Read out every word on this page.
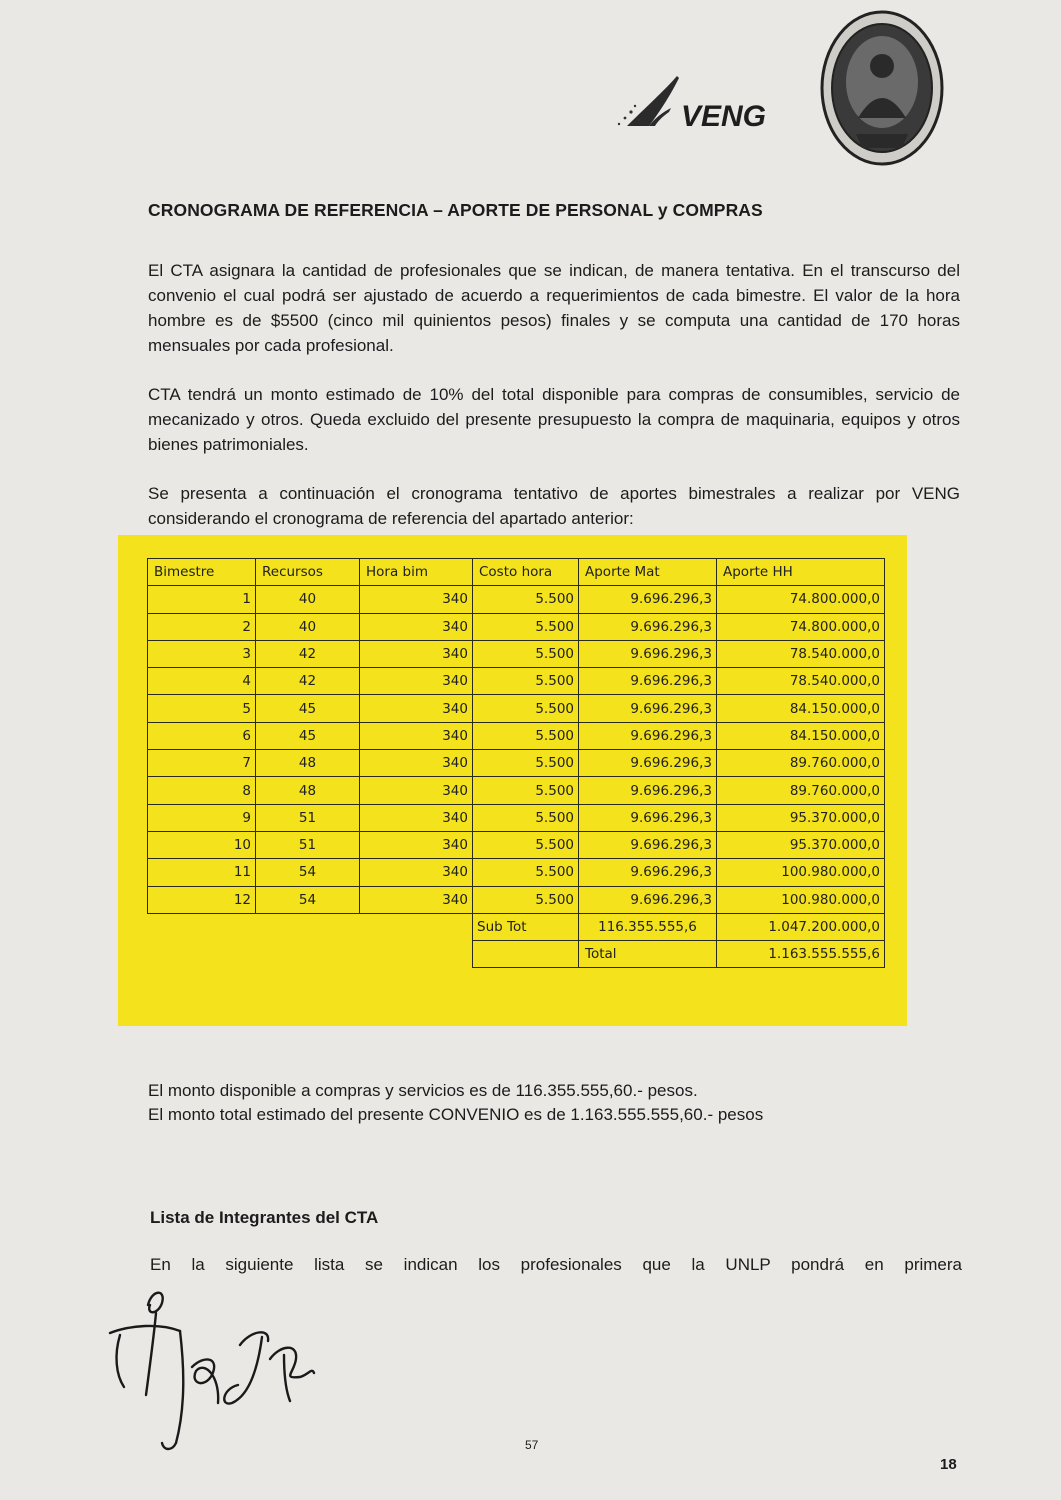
VENG
CRONOGRAMA DE REFERENCIA – APORTE DE PERSONAL y COMPRAS

El CTA asignara la cantidad de profesionales que se indican, de manera tentativa. En el transcurso del convenio el cual podrá ser ajustado de acuerdo a requerimientos de cada bimestre. El valor de la hora hombre es de $5500 (cinco mil quinientos pesos) finales y se computa una cantidad de 170 horas mensuales por cada profesional.

CTA tendrá un monto estimado de 10% del total disponible para compras de consumibles, servicio de mecanizado y otros. Queda excluido del presente presupuesto la compra de maquinaria, equipos y otros bienes patrimoniales.

Se presenta a continuación el cronograma tentativo de aportes bimestrales a realizar por VENG considerando el cronograma de referencia del apartado anterior:

Bimestre	Recursos	Hora bim	Costo hora	Aporte Mat	Aporte HH
1	40	340	5.500	9.696.296,3	74.800.000,0
2	40	340	5.500	9.696.296,3	74.800.000,0
3	42	340	5.500	9.696.296,3	78.540.000,0
4	42	340	5.500	9.696.296,3	78.540.000,0
5	45	340	5.500	9.696.296,3	84.150.000,0
6	45	340	5.500	9.696.296,3	84.150.000,0
7	48	340	5.500	9.696.296,3	89.760.000,0
8	48	340	5.500	9.696.296,3	89.760.000,0
9	51	340	5.500	9.696.296,3	95.370.000,0
10	51	340	5.500	9.696.296,3	95.370.000,0
11	54	340	5.500	9.696.296,3	100.980.000,0
12	54	340	5.500	9.696.296,3	100.980.000,0
			Sub Tot	116.355.555,6	1.047.200.000,0
				Total	1.163.555.555,6

El monto disponible a compras y servicios es de 116.355.555,60.- pesos.

El monto total estimado del presente CONVENIO es de 1.163.555.555,60.- pesos

Lista de Integrantes del CTA

En la siguiente lista se indican los profesionales que la UNLP pondrá en primera

57
18
